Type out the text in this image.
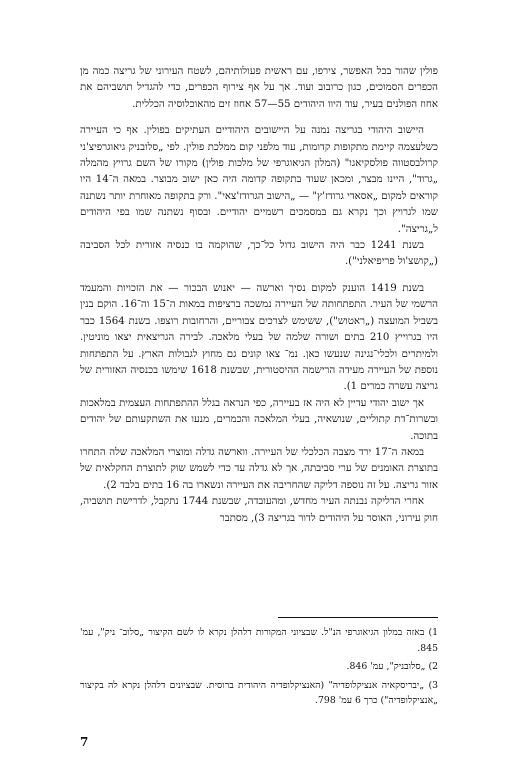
פולין שהור בכל האפשר, צירפו, עם ראשית פעולותיהם, לשטח העירוני של גריצה כמה מן הכפרים הסמוכים, כגון כרובוב ועוד. אך על אף צירוף הכפרים, כדי להגדיל תושביהם את אחוז הפולנים בעיר, עוד היוו היהודים 55—57 אחוז זים מהאוכלוסיה הכללית.

היישוב היהודי בגריצה נמנה על היישובים היהודיים העתיקים בפולין. אף כי העיירה כשלעצמה קיימת מתקופות קדומות, עוד מלפני קום ממלכת פולין. לפי „סלובניק גיאוגרפיצ'ני קרולבסטווה פולסקיאגו" (המלון הגיאוגרפי של מלכות פולין) מקורו של השם גרויץ מהמלה „גרוד", היינו מבצר, ומכאן שעוד בתקופה קדומה היה כאן ישוב מבוצר. במאה ה־14 היו קוראים למקום „אסאדי גרודז'ץ" — „הישוב הגרודז'צאי". ורק בתקופה מאוחרת יותר נשתנה שמו לגרויץ וכך נקרא גם במסמכים רשמיים יהודיים. ובסוף נשתנה שמו בפי היהודים ל„גריצה".

בשנת 1241 כבר היה הישוב גדול כל־כך, שהוקמה בו כנסיה אזורית לכל הסביבה („קושצ'ול פריפיאלני").

בשנת 1419 הוענק למקום נסיך וארשה — יאנוש הבכור — את הזכויות והמעמד הרשמי של העיר. התפתחותה של העיירה נמשכה ברציפות במאות ה־15 וה־16. הוקם בנין בשביל המועצה („ראטוש"), ששימש לצרכים צבוריים, והרחובות רוצפו. בשנת 1564 כבר היו בגרוייץ 210 בתים ושורה שלמה של בעלי מלאכה. לבירה הגריצאית יצאו מוניטין. ולמיתרים ולכלי־נגינה שנעשו כאן. נמ־ צאו קונים גם מחוץ לגבולות הארץ. על התפתחות נוספת של העיירה מעידה הרישמה ההיסטורית, שבשנת 1618 שימשו בכנסיה האזורית של גריצה עשרה כמרים 1).

אך ישוב יהודי עדיין לא היה אז בעיירה, כפי הנראה בגלל ההתפתחות העצמית במלאכות ובשרות־דת קתוליים, שנושאיה, בעלי המלאכה והכמרים, מנעו את השתקעותם של יהודים בתוכה.

במאה ה־17 ירד מצבה הכלכלי של העיירה. ווארשה גדלה ומוצרי המלאכה שלה התחרו בתוצרת האומנים של ערי סביבתה, אך לא גדלה עד כדי לשמש שוק לתוצרת החקלאית של אזור גריצה. על זה נוספה דליקה שהחריבה את העיירה ונשארו בה 16 בתים בלבד 2).

אחרי הדליקה נבנתה העיר מחדש, ומהעובדה, שבשנת 1744 נתקבל, לדרישת תושביה, חוק עירוני, האוסר על היהודים לדור בגריצה 3), מסתבר

1) באזה במלון הגיאוגרפי הנ"ל. שבציוני המקורות דלהלן נקרא לו לשם הקיצור „סלוב־ ניק", עמ' 845.

2) „סלובניק", עמ' 846.

3) „יבריסקאיה אנציקלופדיה" (האנציקלופדיה היהודית ברוסית. שבציונים דלהלן נקרא לה בקיצור „אנציקלופדיה") כרך 6 עמ' 798.

7
